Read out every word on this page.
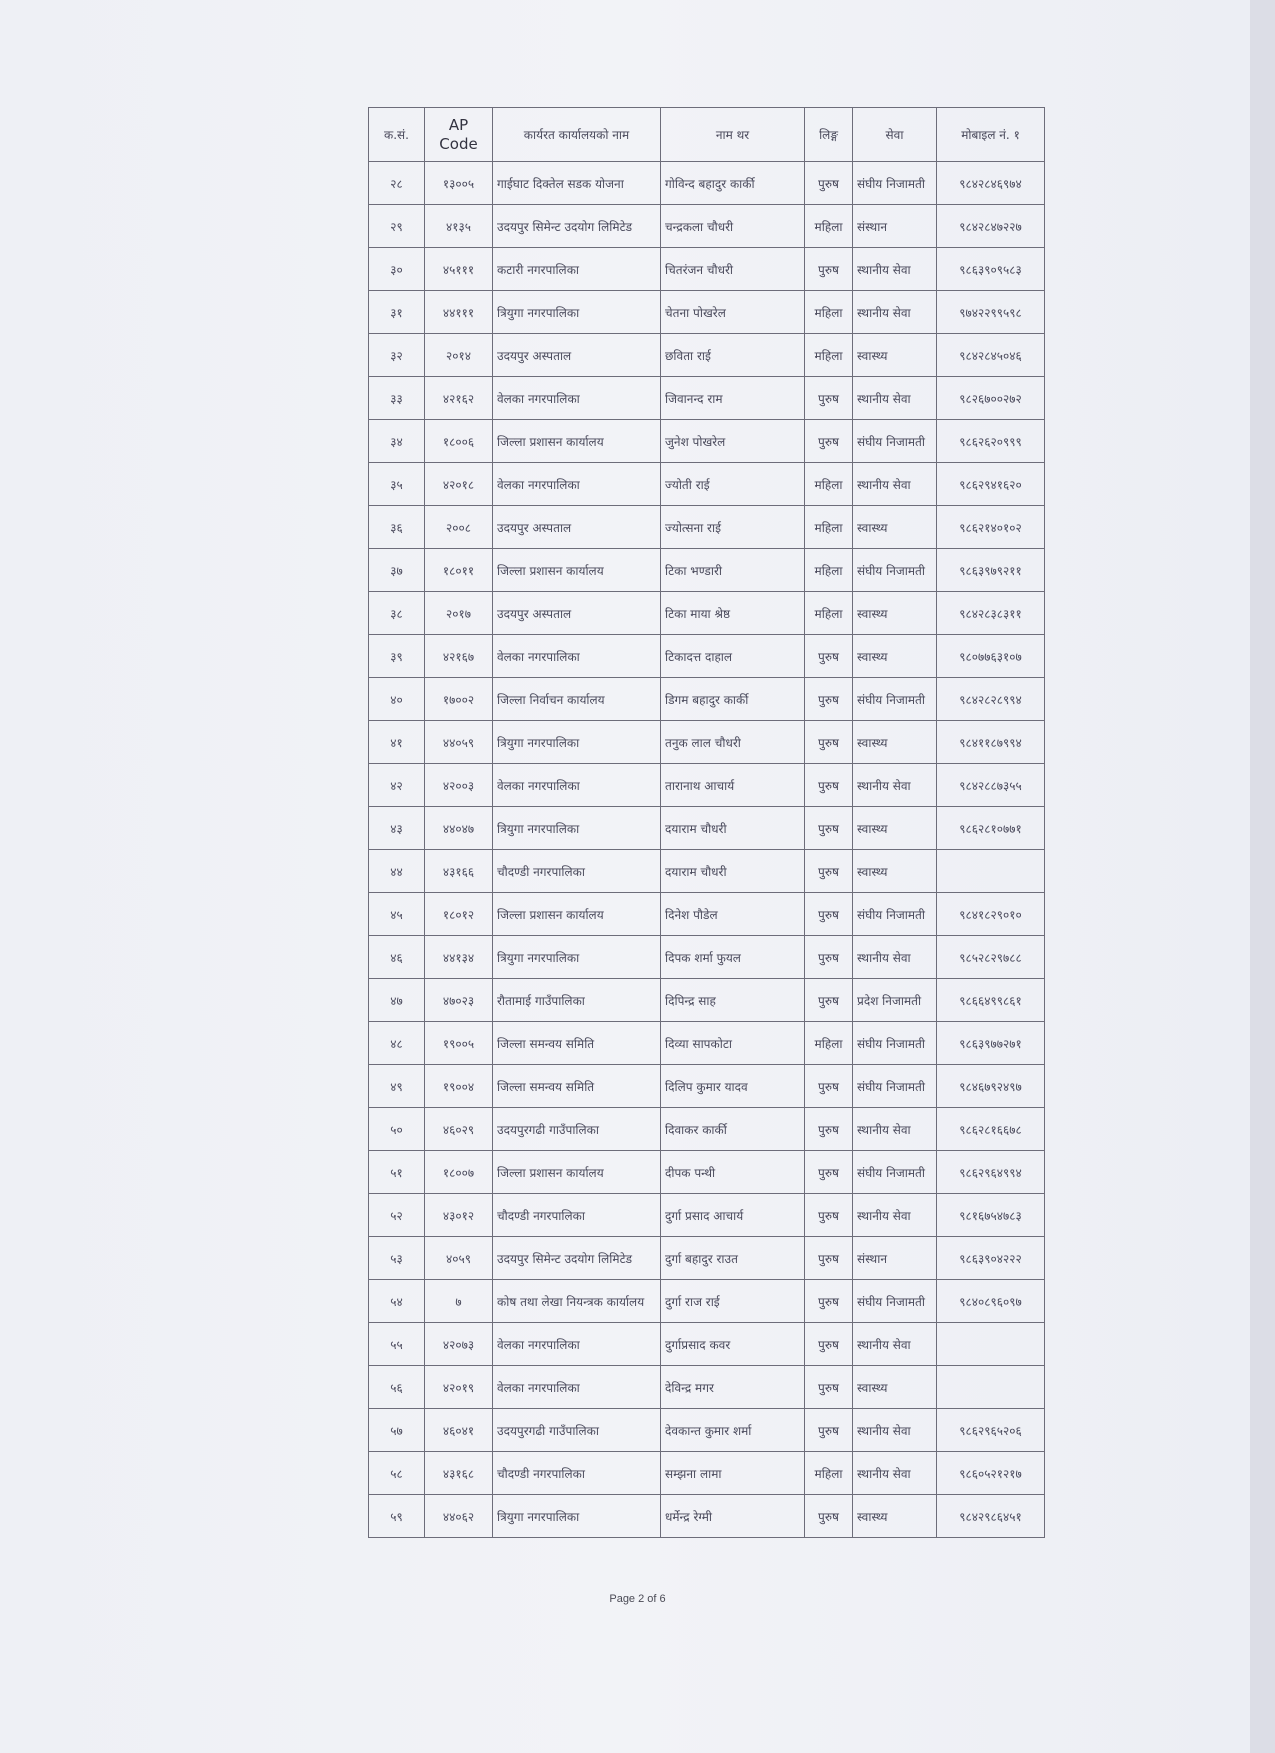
क.सं.	AP
Code	कार्यरत कार्यालयको नाम	नाम थर	लिङ्ग	सेवा	मोबाइल नं. १
२८	१३००५	गाईघाट दिक्तेल सडक योजना	गोविन्द बहादुर कार्की	पुरुष	संघीय निजामती	९८४२८४६९७४
२९	४१३५	उदयपुर सिमेन्ट उदयोग लिमिटेड	चन्द्रकला चौधरी	महिला	संस्थान	९८४२८४७२२७
३०	४५१११	कटारी नगरपालिका	चितरंजन चौधरी	पुरुष	स्थानीय सेवा	९८६३९०९५८३
३१	४४१११	त्रियुगा नगरपालिका	चेतना पोखरेल	महिला	स्थानीय सेवा	९७४२२९९५९८
३२	२०१४	उदयपुर अस्पताल	छविता राई	महिला	स्वास्थ्य	९८४२८४५०४६
३३	४२१६२	वेलका नगरपालिका	जिवानन्द राम	पुरुष	स्थानीय सेवा	९८२६७००२७२
३४	१८००६	जिल्ला प्रशासन कार्यालय	जुनेश पोखरेल	पुरुष	संघीय निजामती	९८६२६२०९९९
३५	४२०१८	वेलका नगरपालिका	ज्योती राई	महिला	स्थानीय सेवा	९८६२९४१६२०
३६	२००८	उदयपुर अस्पताल	ज्योत्सना राई	महिला	स्वास्थ्य	९८६२१४०१०२
३७	१८०११	जिल्ला प्रशासन कार्यालय	टिका भण्डारी	महिला	संघीय निजामती	९८६३९७९२११
३८	२०१७	उदयपुर अस्पताल	टिका माया श्रेष्ठ	महिला	स्वास्थ्य	९८४२८३८३११
३९	४२१६७	वेलका नगरपालिका	टिकादत्त दाहाल	पुरुष	स्वास्थ्य	९८०७७६३१०७
४०	१७००२	जिल्ला निर्वाचन कार्यालय	डिगम बहादुर कार्की	पुरुष	संघीय निजामती	९८४२८२८९९४
४१	४४०५९	त्रियुगा नगरपालिका	तनुक लाल चौधरी	पुरुष	स्वास्थ्य	९८४११८७९९४
४२	४२००३	वेलका नगरपालिका	तारानाथ आचार्य	पुरुष	स्थानीय सेवा	९८४२८८७३५५
४३	४४०४७	त्रियुगा नगरपालिका	दयाराम चौधरी	पुरुष	स्वास्थ्य	९८६२८१०७७१
४४	४३१६६	चौदण्डी नगरपालिका	दयाराम चौधरी	पुरुष	स्वास्थ्य	
४५	१८०१२	जिल्ला प्रशासन कार्यालय	दिनेश पौडेल	पुरुष	संघीय निजामती	९८४१८२९०१०
४६	४४१३४	त्रियुगा नगरपालिका	दिपक शर्मा फुयल	पुरुष	स्थानीय सेवा	९८५२८२९७८८
४७	४७०२३	रौतामाई गाउँपालिका	दिपिन्द्र साह	पुरुष	प्रदेश निजामती	९८६६४९९८६१
४८	१९००५	जिल्ला समन्वय समिति	दिव्या सापकोटा	महिला	संघीय निजामती	९८६३९७७२७१
४९	१९००४	जिल्ला समन्वय समिति	दिलिप कुमार यादव	पुरुष	संघीय निजामती	९८४६७९२४९७
५०	४६०२९	उदयपुरगढी गाउँपालिका	दिवाकर कार्की	पुरुष	स्थानीय सेवा	९८६२८१६६७८
५१	१८००७	जिल्ला प्रशासन कार्यालय	दीपक पन्थी	पुरुष	संघीय निजामती	९८६२९६४९९४
५२	४३०१२	चौदण्डी नगरपालिका	दुर्गा प्रसाद आचार्य	पुरुष	स्थानीय सेवा	९८१६७५४७८३
५३	४०५९	उदयपुर सिमेन्ट उदयोग लिमिटेड	दुर्गा बहादुर राउत	पुरुष	संस्थान	९८६३९०४२२२
५४	७	कोष तथा लेखा नियन्त्रक कार्यालय	दुर्गा राज राई	पुरुष	संघीय निजामती	९८४०८९६०९७
५५	४२०७३	वेलका नगरपालिका	दुर्गाप्रसाद कवर	पुरुष	स्थानीय सेवा	
५६	४२०१९	वेलका नगरपालिका	देविन्द्र मगर	पुरुष	स्वास्थ्य	
५७	४६०४१	उदयपुरगढी गाउँपालिका	देवकान्त कुमार शर्मा	पुरुष	स्थानीय सेवा	९८६२९६५२०६
५८	४३१६८	चौदण्डी नगरपालिका	सम्झना लामा	महिला	स्थानीय सेवा	९८६०५२१२१७
५९	४४०६२	त्रियुगा नगरपालिका	धर्मेन्द्र रेग्मी	पुरुष	स्वास्थ्य	९८४२९८६४५१
Page 2 of 6
